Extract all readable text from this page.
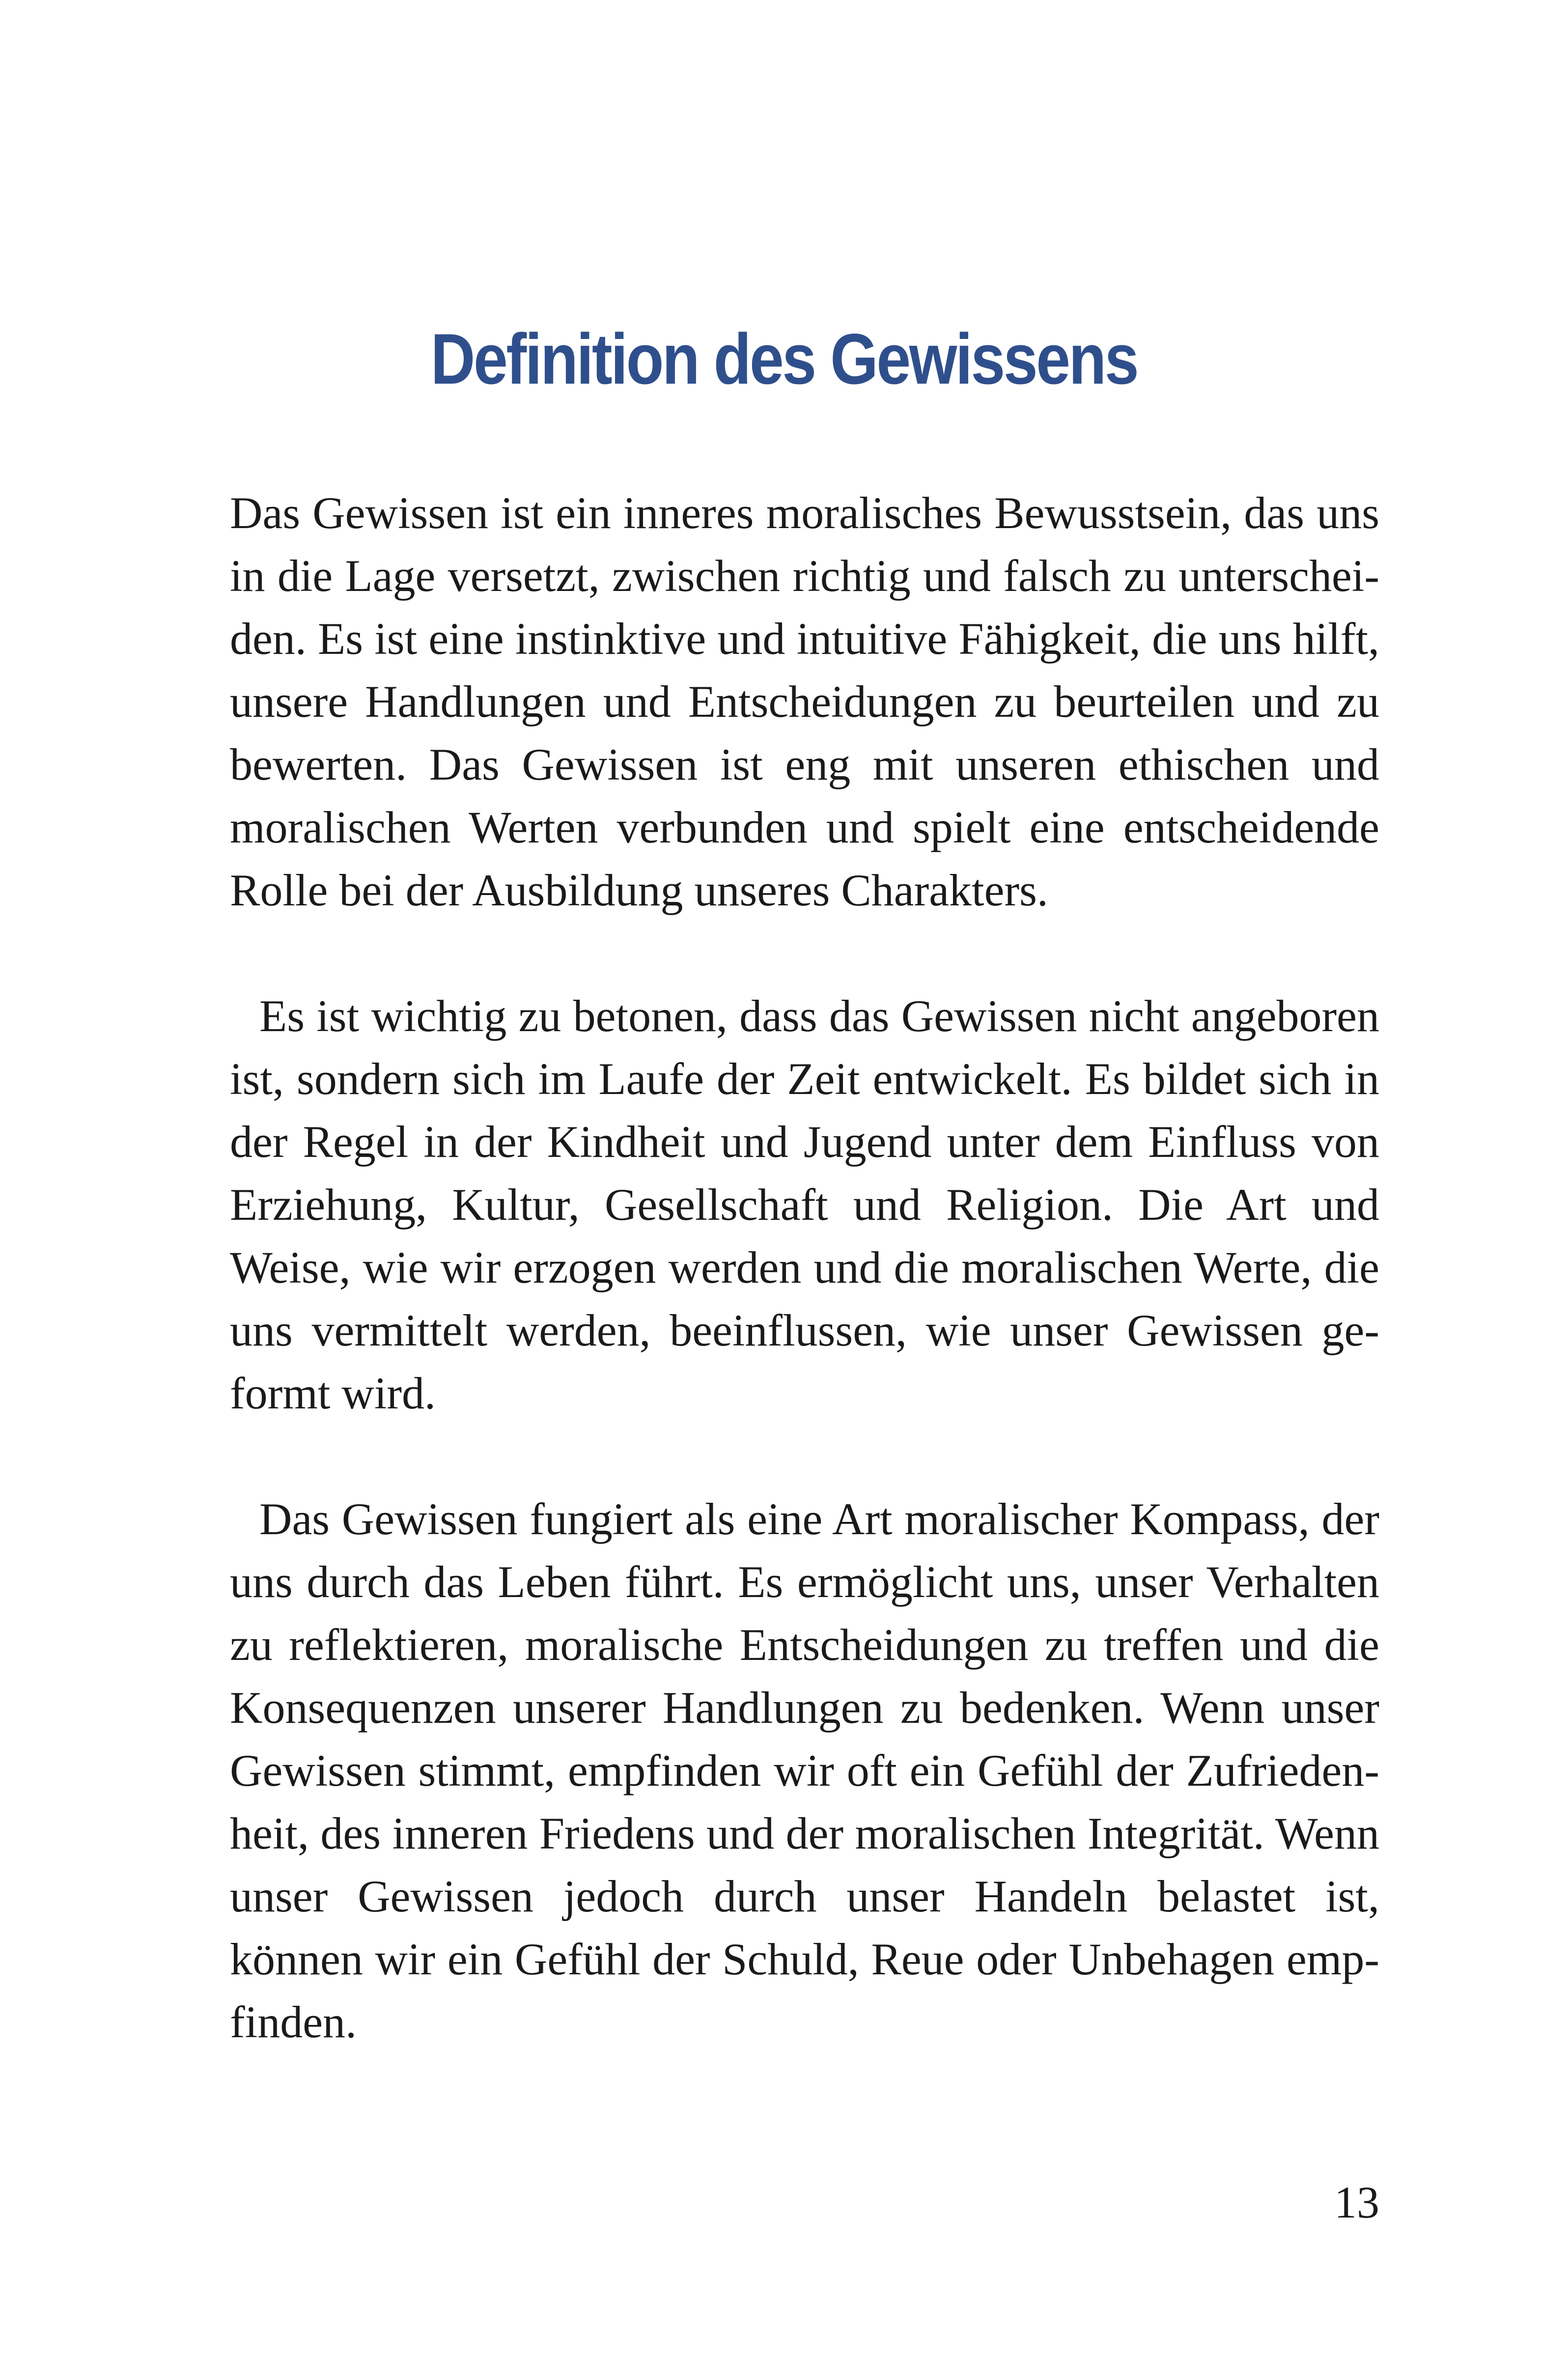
Definition des Gewissens

Das Gewissen ist ein inneres moralisches Bewusstsein, das uns in die Lage versetzt, zwischen richtig und falsch zu unterscheiden. Es ist eine instinktive und intuitive Fähigkeit, die uns hilft, unsere Handlungen und Entscheidungen zu beurteilen und zu bewerten. Das Gewissen ist eng mit unseren ethischen und moralischen Werten verbunden und spielt eine entscheidende Rolle bei der Ausbildung unseres Charakters.

Es ist wichtig zu betonen, dass das Gewissen nicht angeboren ist, sondern sich im Laufe der Zeit entwickelt. Es bildet sich in der Regel in der Kindheit und Jugend unter dem Einfluss von Erziehung, Kultur, Gesellschaft und Religion. Die Art und Weise, wie wir erzogen werden und die moralischen Werte, die uns vermittelt werden, beeinflussen, wie unser Gewissen geformt wird.

Das Gewissen fungiert als eine Art moralischer Kompass, der uns durch das Leben führt. Es ermöglicht uns, unser Verhalten zu reflektieren, moralische Entscheidungen zu treffen und die Konsequenzen unserer Handlungen zu bedenken. Wenn unser Gewissen stimmt, empfinden wir oft ein Gefühl der Zufriedenheit, des inneren Friedens und der moralischen Integrität. Wenn unser Gewissen jedoch durch unser Handeln belastet ist, können wir ein Gefühl der Schuld, Reue oder Unbehagen empfinden.

13
